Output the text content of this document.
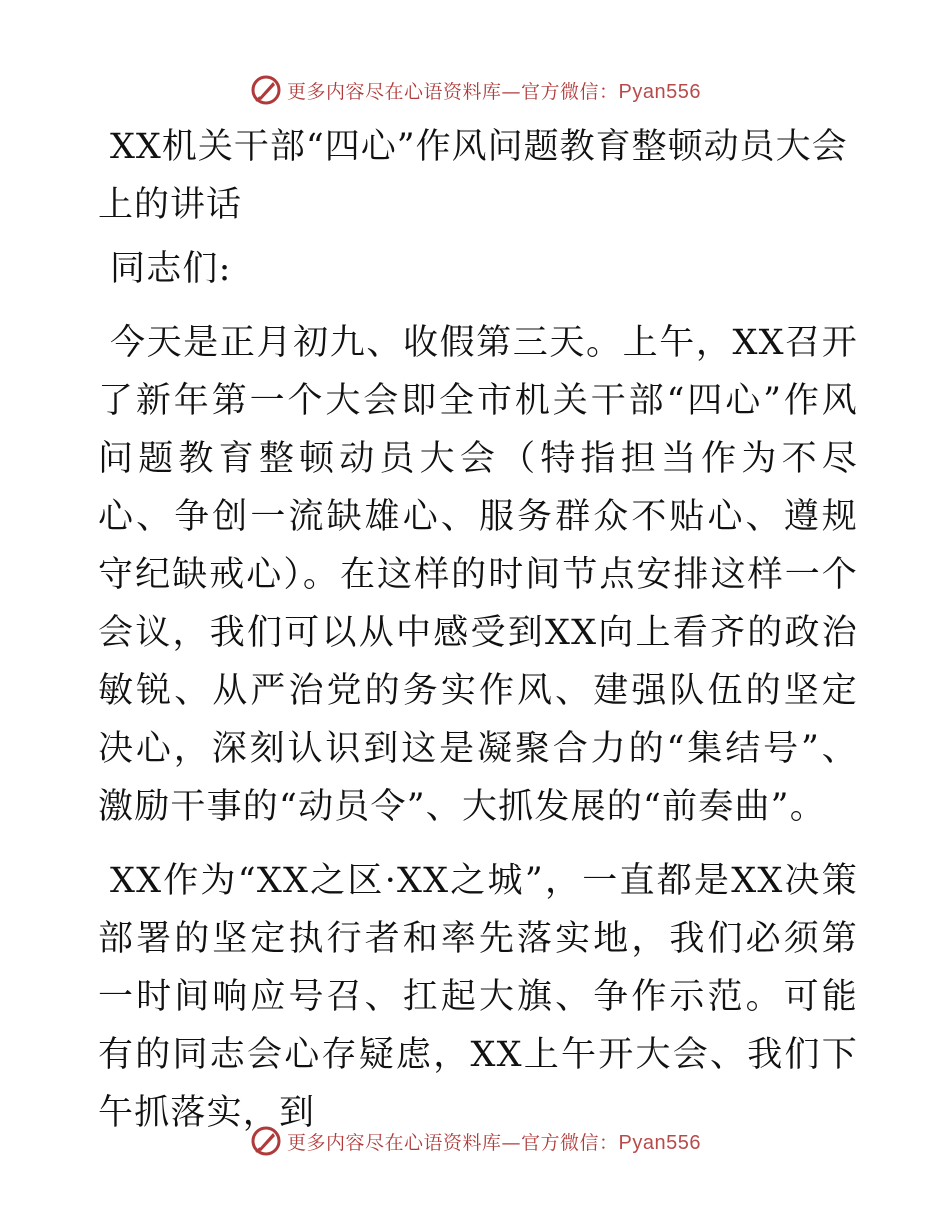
更多内容尽在心语资料库—官方微信：Pyan556
XX机关干部“四心”作风问题教育整顿动员大会
上的讲话

同志们:

今天是正月初九、收假第三天。上午，XX召开了新年第一个大会即全市机关干部“四心”作风问题教育整顿动员大会（特指担当作为不尽心、争创一流缺雄心、服务群众不贴心、遵规守纪缺戒心）。在这样的时间节点安排这样一个会议，我们可以从中感受到XX向上看齐的政治敏锐、从严治党的务实作风、建强队伍的坚定决心，深刻认识到这是凝聚合力的“集结号”、激励干事的“动员令”、大抓发展的“前奏曲”。

XX作为“XX之区·XX之城”，一直都是XX决策部署的坚定执行者和率先落实地，我们必须第一时间响应号召、扛起大旗、争作示范。可能有的同志会心存疑虑，XX上午开大会、我们下午抓落实，到

更多内容尽在心语资料库—官方微信：Pyan556
